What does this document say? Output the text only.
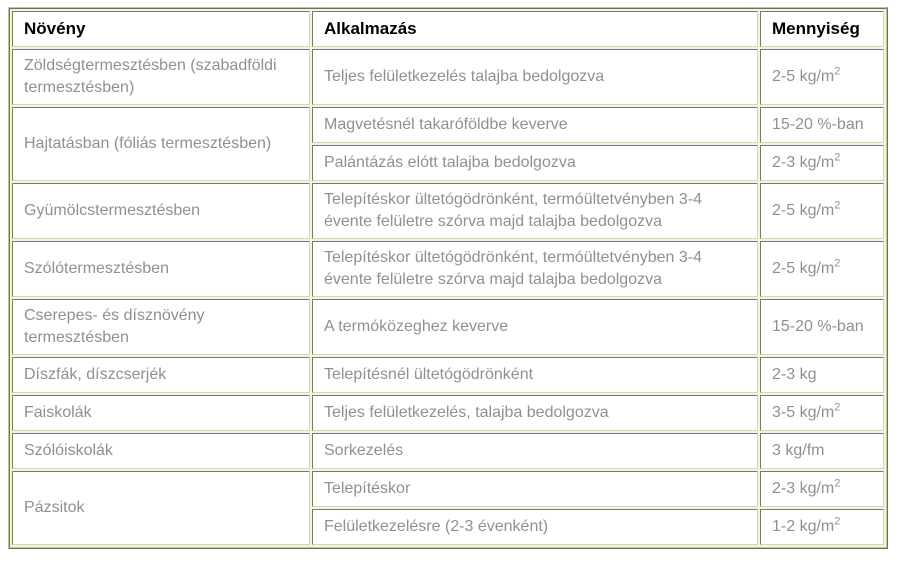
Növény	Alkalmazás	Mennyiség
Zöldségtermesztésben (szabadföldi termesztésben)	Teljes felületkezelés talajba bedolgozva	2-5 $kg/m^2$
Hajtatásban (fóliás termesztésben)	Magvetésnél takaróföldbe keverve	15-20 %-ban
	Palántázás elótt talajba bedolgozva	2-3 $kg/m^2$
Gyümölcstermesztésben	Telepítéskor ültetógödrönként, termóültetvényben 3-4 évente felületre szórva majd talajba bedolgozva	2-5 $kg/m^2$
Szólótermesztésben	Telepítéskor ültetógödrönként, termóültetvényben 3-4 évente felületre szórva majd talajba bedolgozva	2-5 $kg/m^2$
Cserepes- és dísznövény termesztésben	A termóközeghez keverve	15-20 %-ban
Díszfák, díszcserjék	Telepítésnél ültetógödrönként	2-3 kg
Faiskolák	Teljes felületkezelés, talajba bedolgozva	3-5 $kg/m^2$
Szólóiskolák	Sorkezelés	3 kg/fm
Pázsitok	Telepítéskor	2-3 $kg/m^2$
	Felületkezelésre (2-3 évenként)	1-2 $kg/m^2$
